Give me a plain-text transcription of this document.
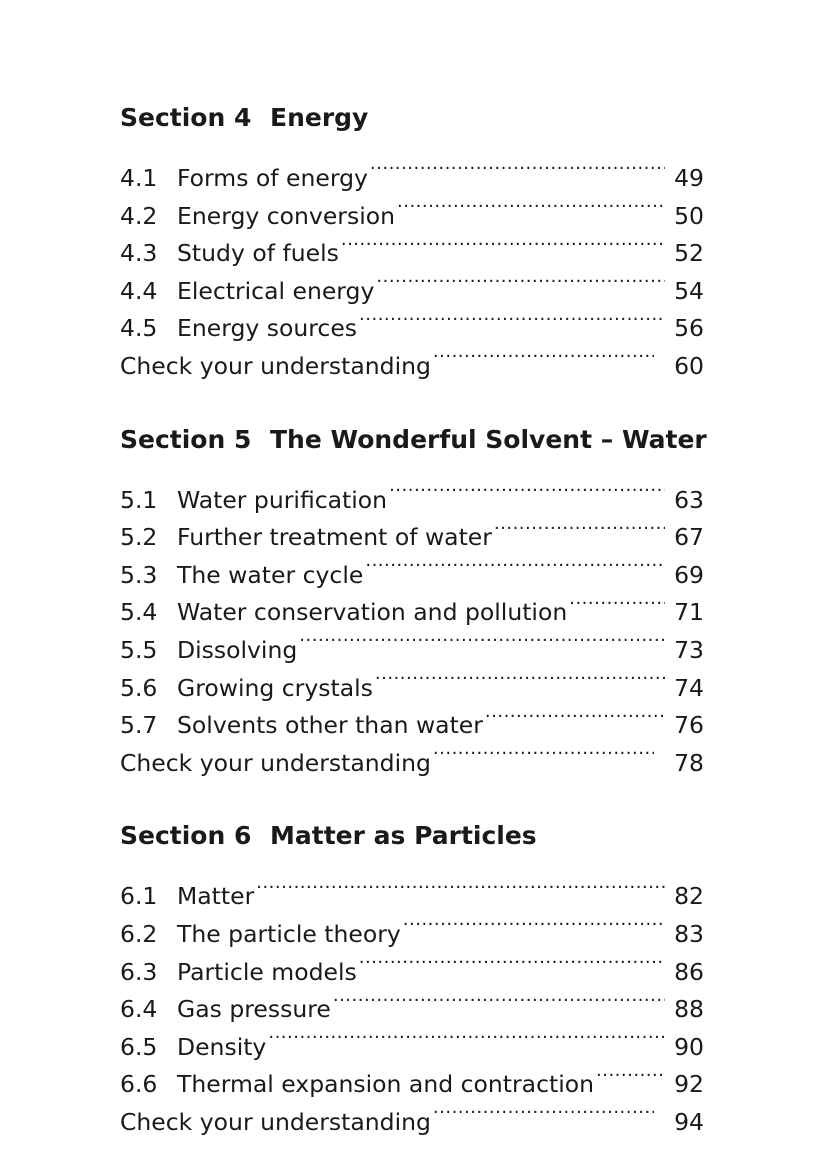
Section 4 Energy
4.1 Forms of energy .....	49
4.2 Energy conversion .....	50
4.3 Study of fuels .....	52
4.4 Electrical energy .....	54
4.5 Energy sources .....	56
Check your understanding .....	60
Section 5 The Wonderful Solvent – Water
5.1 Water purification .....	63
5.2 Further treatment of water .....	67
5.3 The water cycle .....	69
5.4 Water conservation and pollution .....	71
5.5 Dissolving .....	73
5.6 Growing crystals .....	74
5.7 Solvents other than water .....	76
Check your understanding .....	78
Section 6 Matter as Particles
6.1 Matter .....	82
6.2 The particle theory .....	83
6.3 Particle models .....	86
6.4 Gas pressure .....	88
6.5 Density .....	90
6.6 Thermal expansion and contraction .....	92
Check your understanding .....	94
